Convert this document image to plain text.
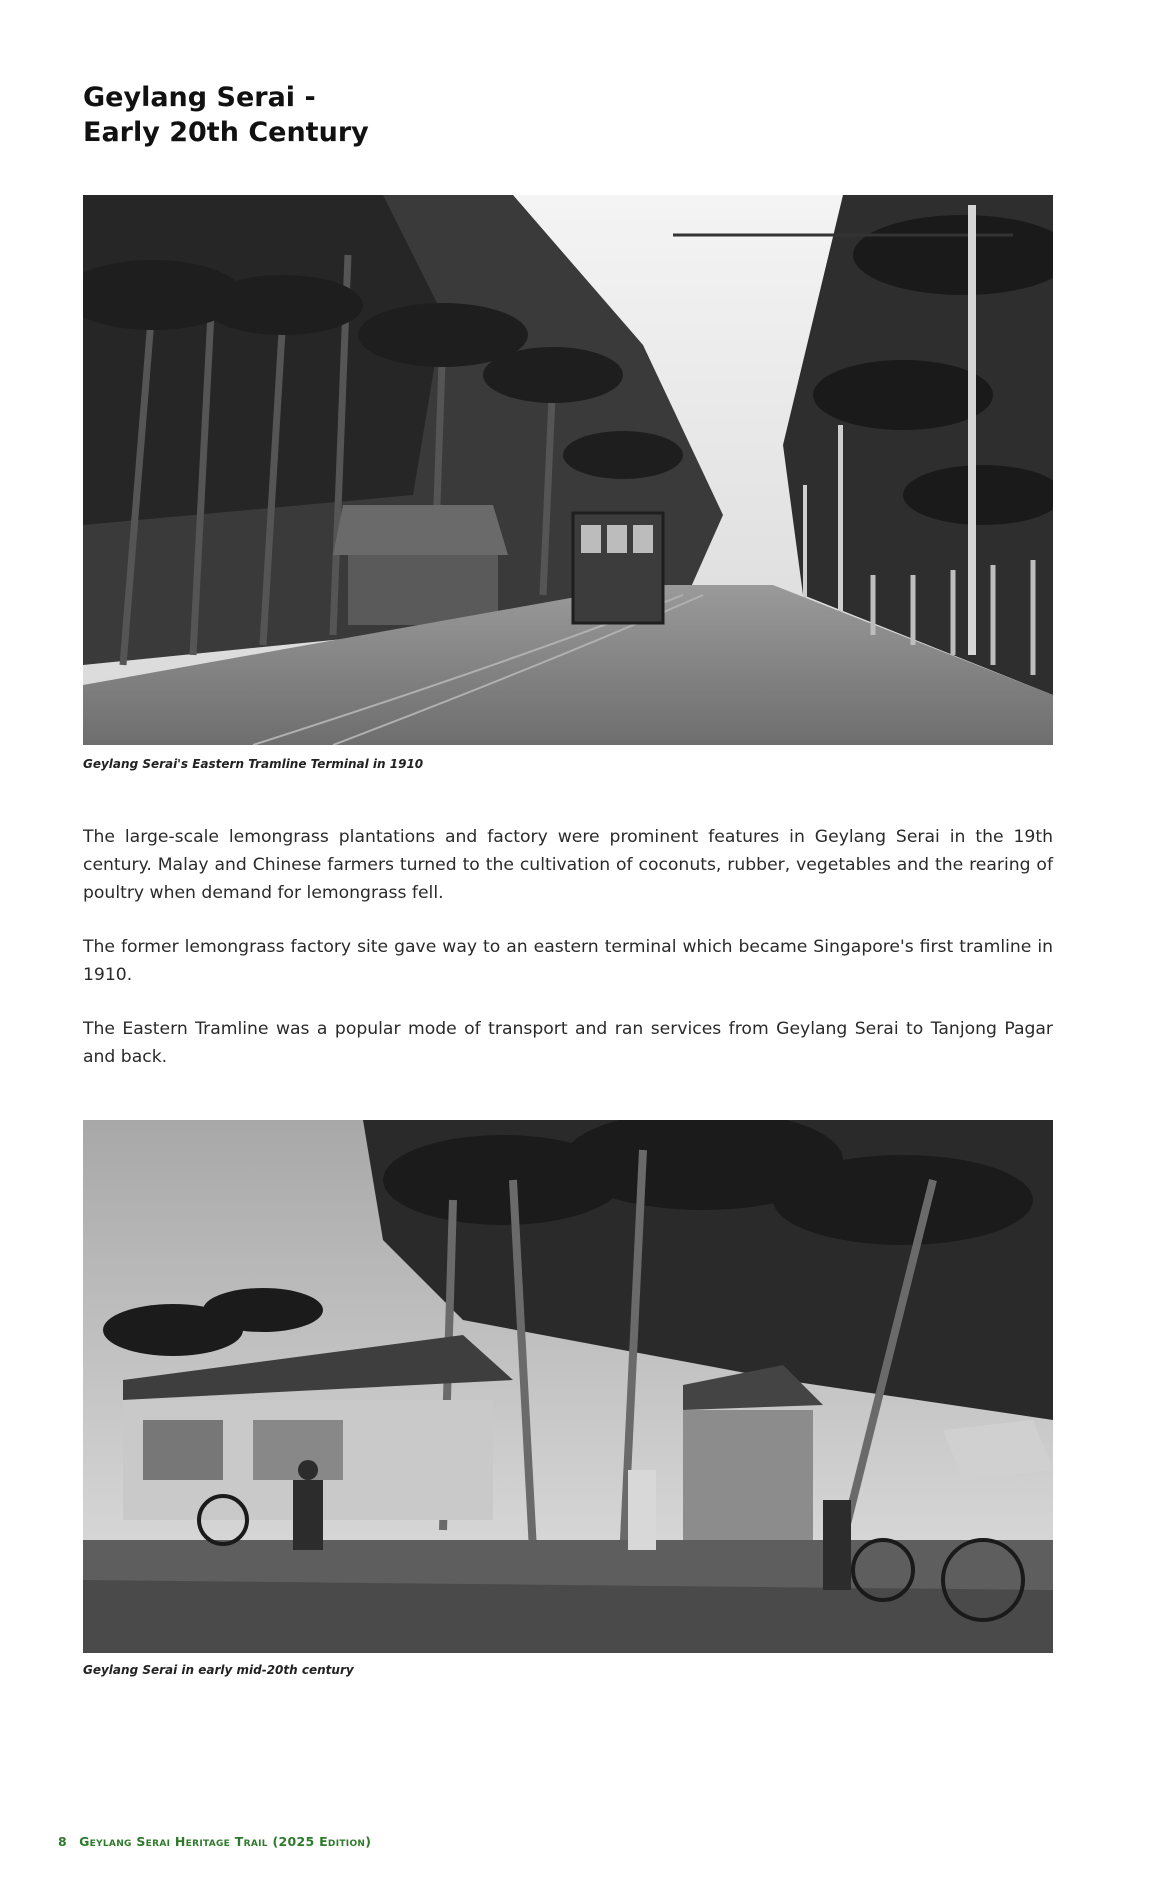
Geylang Serai -
Early 20th Century
Geylang Serai's Eastern Tramline Terminal in 1910

The large-scale lemongrass plantations and factory were prominent features in Geylang Serai in the 19th century. Malay and Chinese farmers turned to the cultivation of coconuts, rubber, vegetables and the rearing of poultry when demand for lemongrass fell.

The former lemongrass factory site gave way to an eastern terminal which became Singapore's first tramline in 1910.

The Eastern Tramline was a popular mode of transport and ran services from Geylang Serai to Tanjong Pagar and back.

Geylang Serai in early mid-20th century
8 Geylang Serai Heritage Trail (2025 Edition)
